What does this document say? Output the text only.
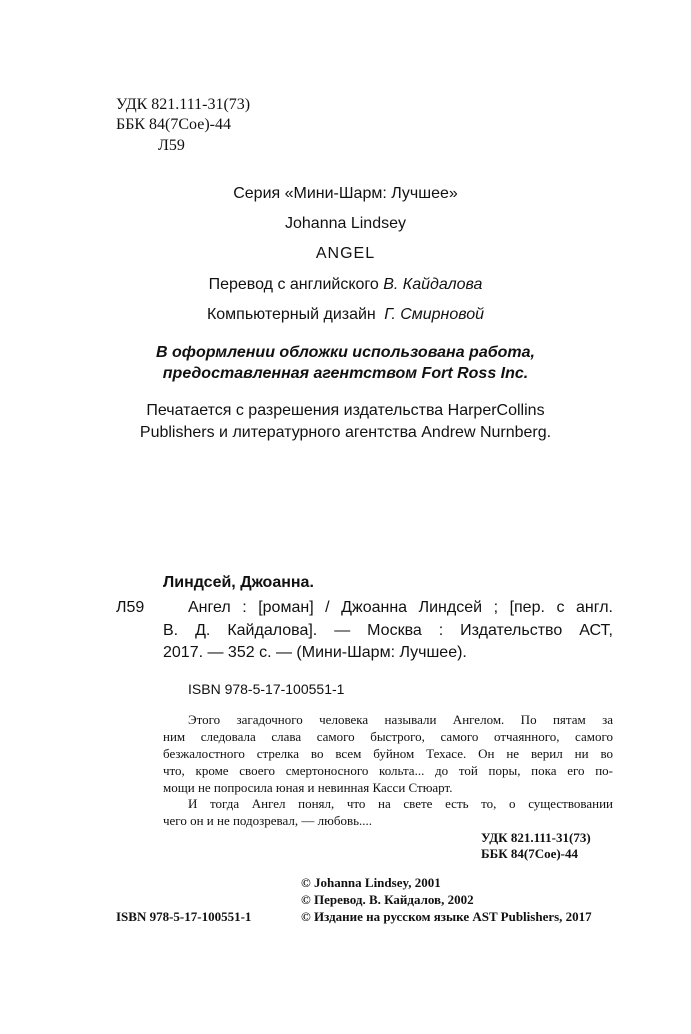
УДК 821.111-31(73)
ББК 84(7Сое)-44
Л59
Серия «Мини-Шарм: Лучшее»
Johanna Lindsey
ANGEL
Перевод с английского В. Кайдалова
Компьютерный дизайн Г. Смирновой
В оформлении обложки использована работа,
предоставленная агентством Fort Ross Inc.
Печатается с разрешения издательства HarperCollins
Publishers и литературного агентства Andrew Nurnberg.
Линдсей, Джоанна.
Л59	Ангел : [роман] / Джоанна Линдсей ; [пер. с англ.
В. Д. Кайдалова]. — Москва : Издательство АСТ,
2017. — 352 с. — (Мини-Шарм: Лучшее).
ISBN 978-5-17-100551-1
Этого загадочного человека называли Ангелом. По пятам за
ним следовала слава самого быстрого, самого отчаянного, самого
безжалостного стрелка во всем буйном Техасе. Он не верил ни во
что, кроме своего смертоносного кольта... до той поры, пока его по-
мощи не попросила юная и невинная Касси Стюарт.
И тогда Ангел понял, что на свете есть то, о существовании
чего он и не подозревал, — любовь....
УДК 821.111-31(73)
ББК 84(7Сое)-44
© Johanna Lindsey, 2001
© Перевод. В. Кайдалов, 2002
ISBN 978-5-17-100551-1	© Издание на русском языке AST Publishers, 2017
